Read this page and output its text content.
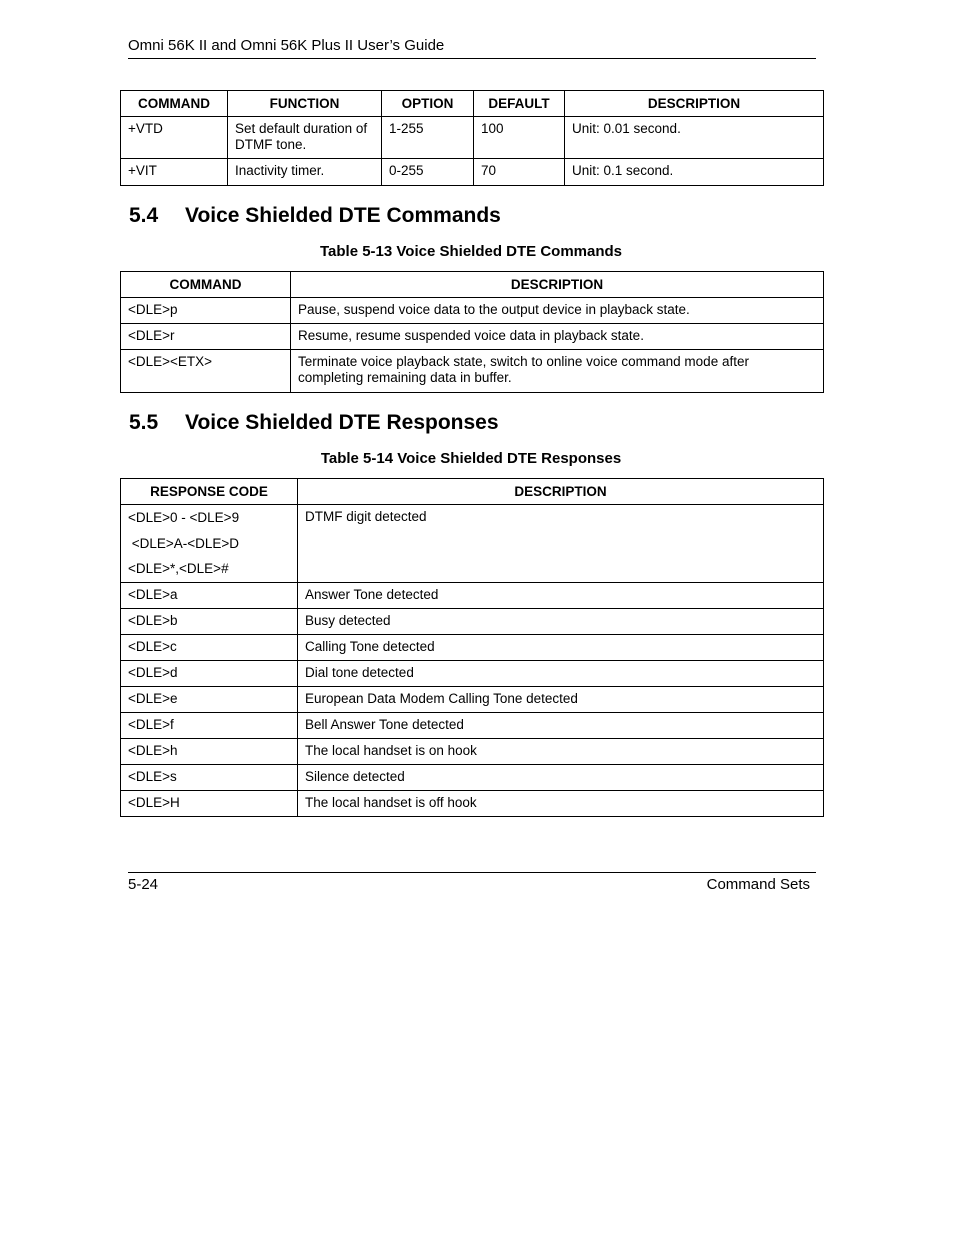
Omni 56K II and Omni 56K Plus II User’s Guide
COMMAND	FUNCTION	OPTION	DEFAULT	DESCRIPTION
+VTD	Set default duration of DTMF tone.	1-255	100	Unit: 0.01 second.
+VIT	Inactivity timer.	0-255	70	Unit: 0.1 second.
5.4 Voice Shielded DTE Commands
Table 5-13 Voice Shielded DTE Commands
COMMAND	DESCRIPTION
<DLE>p	Pause, suspend voice data to the output device in playback state.
<DLE>r	Resume, resume suspended voice data in playback state.
<DLE><ETX>	Terminate voice playback state, switch to online voice command mode after completing remaining data in buffer.
5.5 Voice Shielded DTE Responses
Table 5-14 Voice Shielded DTE Responses
RESPONSE CODE	DESCRIPTION

<DLE>0 - <DLE>9
<DLE>A-<DLE>D
<DLE>*,<DLE>#	DTMF digit detected
<DLE>a	Answer Tone detected
<DLE>b	Busy detected
<DLE>c	Calling Tone detected
<DLE>d	Dial tone detected
<DLE>e	European Data Modem Calling Tone detected
<DLE>f	Bell Answer Tone detected
<DLE>h	The local handset is on hook
<DLE>s	Silence detected
<DLE>H	The local handset is off hook
5-24	Command Sets
